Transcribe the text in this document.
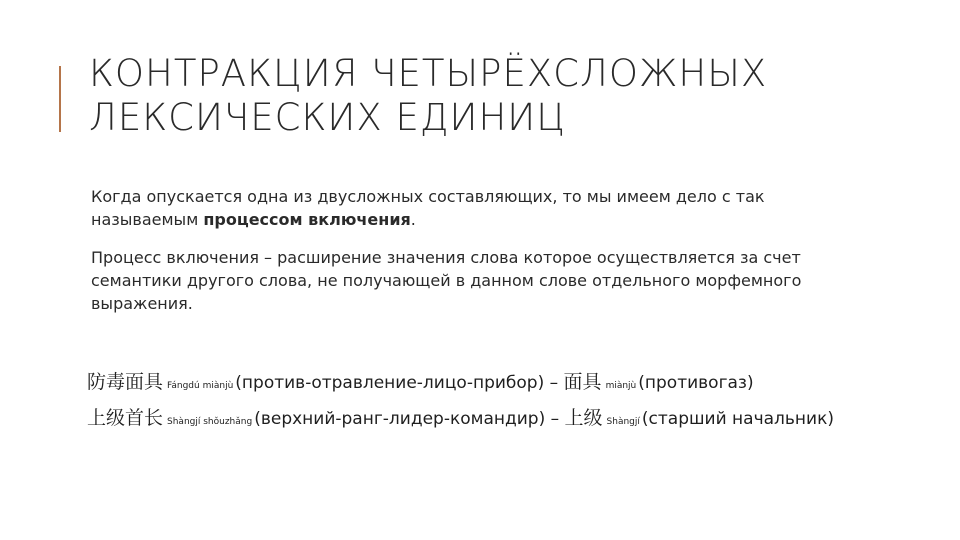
КОНТРАКЦИЯ ЧЕТЫРЁХСЛОЖНЫХ
ЛЕКСИЧЕСКИХ ЕДИНИЦ

Когда опускается одна из двусложных составляющих, то мы имеем дело с так называемым процессом включения.

Процесс включения – расширение значения слова которое осуществляется за счет семантики другого слова, не получающей в данном слове отдельного морфемного выражения.

防毒面具 Fángdú miànjù (против-отравление-лицо-прибор) – 面具 miànjù (противогаз)

上级首长 Shàngjí shǒuzhǎng (верхний-ранг-лидер-командир) – 上级 Shàngjí (старший начальник)
